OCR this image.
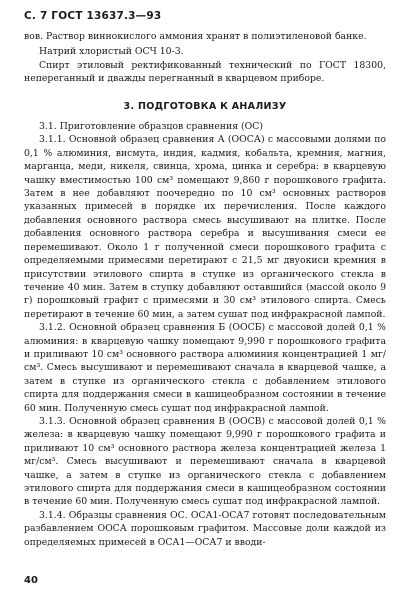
С. 7 ГОСТ 13637.3—93

вов. Раствор виннокислого аммония хранят в полиэтиленовой банке.

Натрий хлористый ОСЧ 10-3.

Спирт этиловый ректификованный технический по ГОСТ 18300, непереганный и дважды перегнанный в кварцевом приборе.

3. ПОДГОТОВКА К АНАЛИЗУ

3.1. Приготовление образцов сравнения (ОС)

3.1.1. Основной образец сравнения А (ООСА) с массовыми долями по 0,1 % алюминия, висмута, индия, кадмия, кобальта, кремния, магния, марганца, меди, никеля, свинца, хрома, цинка и серебра: в кварцевую чашку вместимостью 100 см³ помещают 9,860 г порошкового графита. Затем в нее добавляют поочередно по 10 см³ основных растворов указанных примесей в порядке их перечисления. После каждого добавления основного раствора смесь высушивают на плитке. После добавления основного раствора серебра и высушивания смеси ее перемешивают. Около 1 г полученной смеси порошкового графита с определяемыми примесями перетирают с 21,5 мг двуокиси кремния в присутствии этилового спирта в ступке из органического стекла в течение 40 мин. Затем в ступку добавляют оставшийся (массой около 9 г) порошковый графит с примесями и 30 см³ этилового спирта. Смесь перетирают в течение 60 мин, а затем сушат под инфракрасной лампой.

3.1.2. Основной образец сравнения Б (ООСБ) с массовой долей 0,1 % алюминия: в кварцевую чашку помещают 9,990 г порошкового графита и приливают 10 см³ основного раствора алюминия концентрацией 1 мг/см³. Смесь высушивают и перемешивают сначала в кварцевой чашке, а затем в ступке из органического стекла с добавлением этилового спирта для поддержания смеси в кашицеобразном состоянии в течение 60 мин. Полученную смесь сушат под инфракрасной лампой.

3.1.3. Основной образец сравнения В (ООСВ) с массовой долей 0,1 % железа: в кварцевую чашку помещают 9,990 г порошкового графита и приливают 10 см³ основного раствора железа концентрацией железа 1 мг/см³. Смесь высушивают и перемешивают сначала в кварцевой чашке, а затем в ступке из органического стекла с добавлением этилового спирта для поддержания смеси в кашицеобразном состоянии в течение 60 мин. Полученную смесь сушат под инфракрасной лампой.

3.1.4. Образцы сравнения ОС. ОСА1-ОСА7 готовят последовательным разбавлением ООСА порошковым графитом. Массовые доли каждой из определяемых примесей в ОСА1—ОСА7 и вводи-

40
